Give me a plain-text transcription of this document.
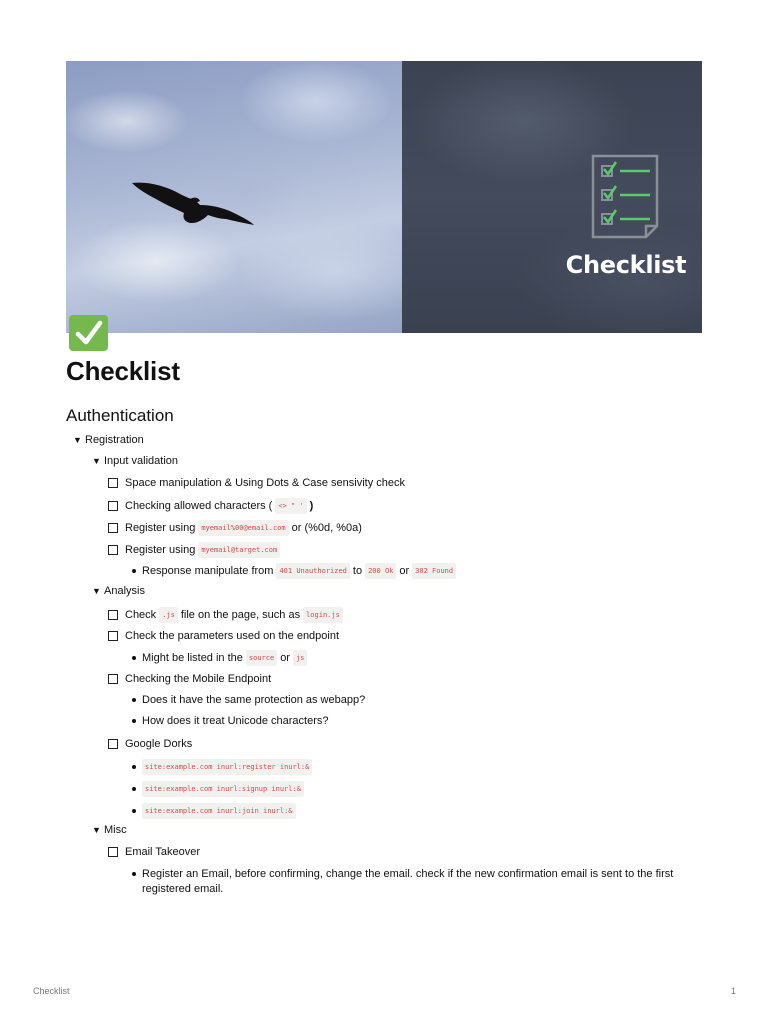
Checklist
Checklist
Authentication
▼ Registration
▼ Input validation
Space manipulation & Using Dots & Case sensivity check
Checking allowed characters ( <> " ' )
Register using myemail%00@email.com or (%0d, %0a)
Register using myemail@target.com
Response manipulate from 401 Unauthorized to 200 Ok or 302 Found
▼ Analysis
Check .js file on the page, such as login.js
Check the parameters used on the endpoint
Might be listed in the source or js
Checking the Mobile Endpoint
Does it have the same protection as webapp?
How does it treat Unicode characters?
Google Dorks
site:example.com inurl:register inurl:&
site:example.com inurl:signup inurl:&
site:example.com inurl:join inurl:&
▼ Misc
Email Takeover
Register an Email, before confirming, change the email. check if the new confirmation email is sent to the first registered email.
Checklist	1
